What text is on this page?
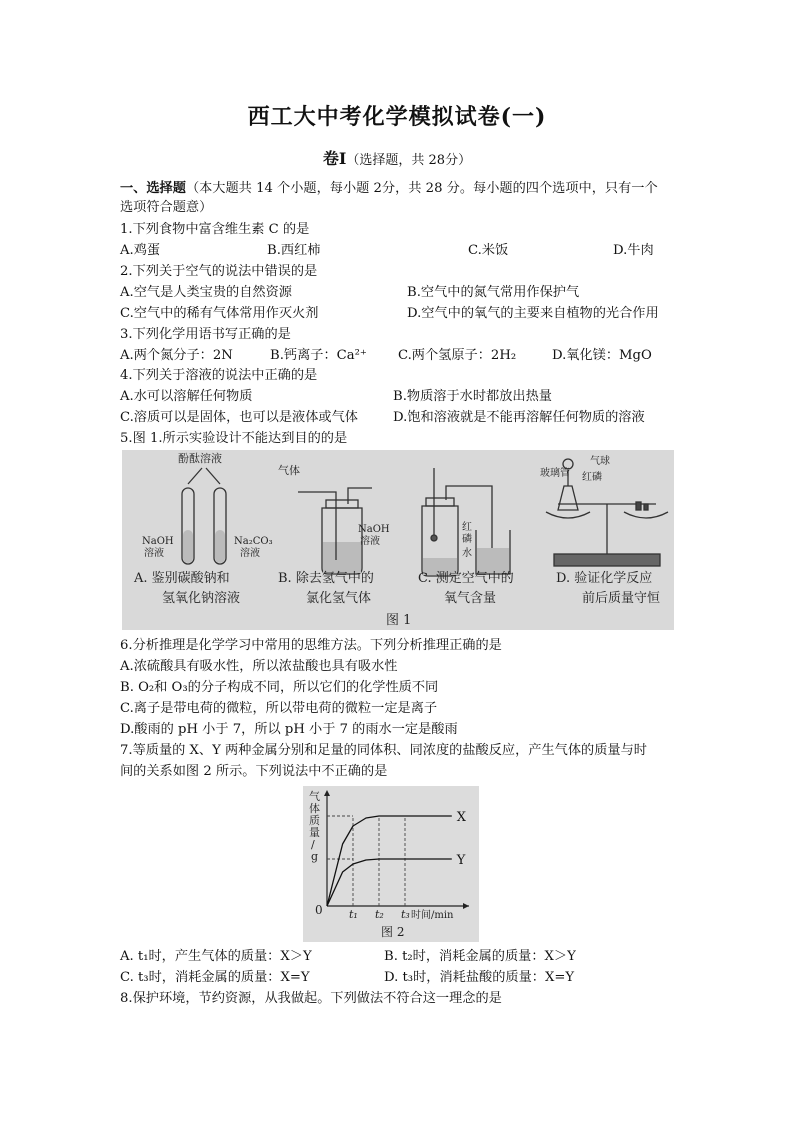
西工大中考化学模拟试卷(一)
卷Ⅰ（选择题，共 28分）
一、选择题（本大题共 14 个小题，每小题 2分，共 28 分。每小题的四个选项中，只有一个
选项符合题意）
1.下列食物中富含维生素 C 的是
A.鸡蛋	B.西红柿	C.米饭	D.牛肉
2.下列关于空气的说法中错误的是
A.空气是人类宝贵的自然资源	B.空气中的氮气常用作保护气
C.空气中的稀有气体常用作灭火剂	D.空气中的氧气的主要来自植物的光合作用
3.下列化学用语书写正确的是
A.两个氮分子：2N	B.钙离子：Ca²⁺ C.两个氢原子：2H₂	D.氧化镁：MgO
4.下列关于溶液的说法中正确的是
A.水可以溶解任何物质	B.物质溶于水时都放出热量
C.溶质可以是固体，也可以是液体或气体	D.饱和溶液就是不能再溶解任何物质的溶液
5.图 1.所示实验设计不能达到目的的是
酚酞溶液
NaOH
溶液
Na₂CO₃
溶液
A. 鉴别碳酸钠和
氢氧化钠溶液
气体
NaOH
溶液
B. 除去氢气中的
氯化氢气体
红
磷
水
C. 测定空气中的
氧气含量
气球
玻璃管 红磷
D. 验证化学反应
前后质量守恒
图 1
6.分析推理是化学学习中常用的思维方法。下列分析推理正确的是
A.浓硫酸具有吸水性，所以浓盐酸也具有吸水性
B. O₂和 O₃的分子构成不同，所以它们的化学性质不同
C.离子是带电荷的微粒，所以带电荷的微粒一定是离子
D.酸雨的 pH 小于 7，所以 pH 小于 7 的雨水一定是酸雨
7.等质量的 X、Y 两种金属分别和足量的同体积、同浓度的盐酸反应，产生气体的质量与时
间的关系如图 2 所示。下列说法中不正确的是
气
体
质
量
/
g
0	时间/min
X
Y
t₁ t₂ t₃
图 2
A. t₁时，产生气体的质量：X＞Y	B. t₂时，消耗金属的质量：X＞Y
C. t₃时，消耗金属的质量：X=Y	D. t₃时，消耗盐酸的质量：X=Y
8.保护环境，节约资源，从我做起。下列做法不符合这一理念的是
